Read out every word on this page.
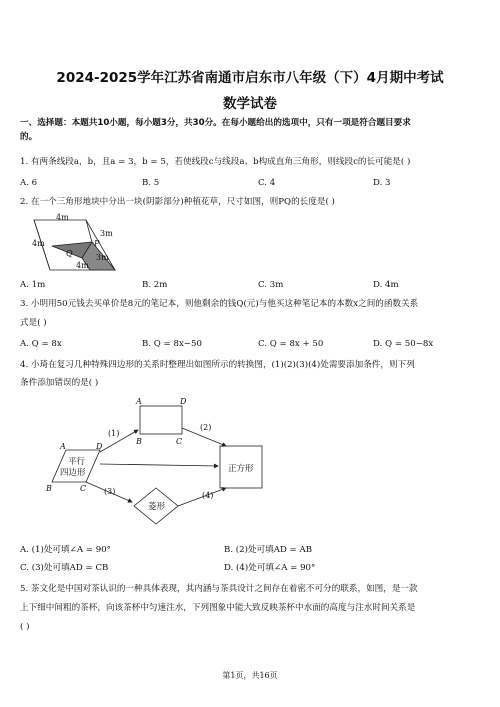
2024-2025学年江苏省南通市启东市八年级（下）4月期中考试
数学试卷
一、选择题：本题共10小题，每小题3分，共30分。在每小题给出的选项中，只有一项是符合题目要求
的。
1. 有两条线段a，b，且a = 3，b = 5，若使线段c与线段a、b构成直角三角形，则线段c的长可能是( )
A. 6	B. 5	C. 4	D. 3
2. 在一个三角形地块中分出一块(阴影部分)种植花草，尺寸如图，则PQ的长度是( )
4m
3m
4m	P
Q	3m
4m
A. 1m	B. 2m	C. 3m	D. 4m
3. 小明用50元钱去买单价是8元的笔记本，则他剩余的钱Q(元)与他买这种笔记本的本数x之间的函数关系
式是( )
A. Q = 8x	B. Q = 8x−50	C. Q = 8x + 50	D. Q = 50−8x
4. 小琦在复习几种特殊四边形的关系时整理出如图所示的转换图，(1)(2)(3)(4)处需要添加条件，则下列
条件添加错误的是( )
平行
四边形
A	D
B	C
A	D
B	C
正方形
菱形
(1)
(2)
(3)	(4)
A. (1)处可填∠A = 90°	B. (2)处可填AD = AB
C. (3)处可填AD = CB	D. (4)处可填∠A = 90°
5. 茶文化是中国对茶认识的一种具体表现，其内涵与茶具设计之间存在着密不可分的联系，如图，是一款
上下细中间粗的茶杯，向该茶杯中匀速注水，下列图象中能大致反映茶杯中水面的高度与注水时间关系是
( )
第1页，共16页
